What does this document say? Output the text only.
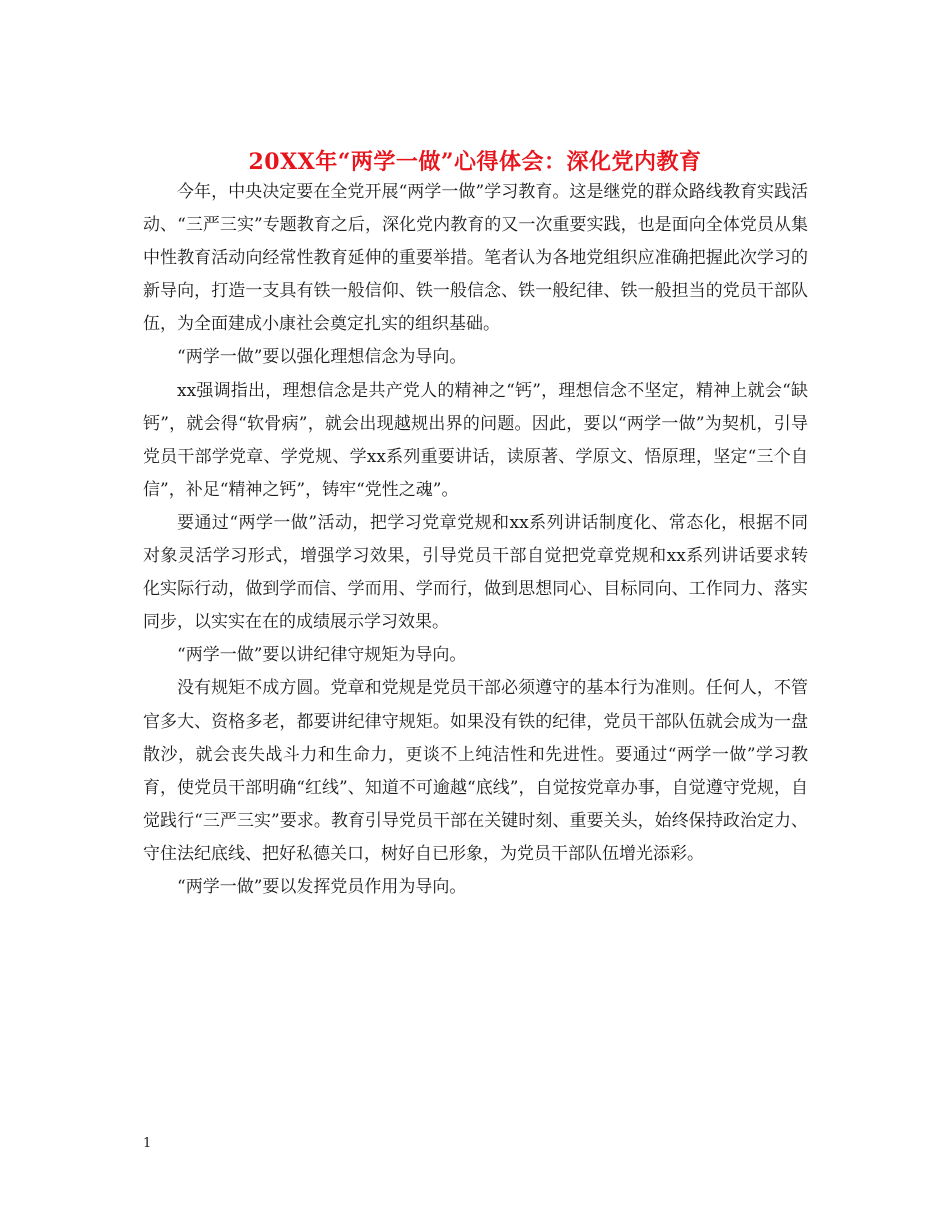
20XX年“两学一做”心得体会：深化党内教育

今年，中央决定要在全党开展“两学一做”学习教育。这是继党的群众路线教育实践活动、“三严三实”专题教育之后，深化党内教育的又一次重要实践，也是面向全体党员从集中性教育活动向经常性教育延伸的重要举措。笔者认为各地党组织应准确把握此次学习的新导向，打造一支具有铁一般信仰、铁一般信念、铁一般纪律、铁一般担当的党员干部队伍，为全面建成小康社会奠定扎实的组织基础。

“两学一做”要以强化理想信念为导向。

xx强调指出，理想信念是共产党人的精神之“钙”，理想信念不坚定，精神上就会“缺钙”，就会得“软骨病”，就会出现越规出界的问题。因此，要以“两学一做”为契机，引导党员干部学党章、学党规、学xx系列重要讲话，读原著、学原文、悟原理，坚定“三个自信”，补足“精神之钙”，铸牢“党性之魂”。

要通过“两学一做”活动，把学习党章党规和xx系列讲话制度化、常态化，根据不同对象灵活学习形式，增强学习效果，引导党员干部自觉把党章党规和xx系列讲话要求转化实际行动，做到学而信、学而用、学而行，做到思想同心、目标同向、工作同力、落实同步，以实实在在的成绩展示学习效果。

“两学一做”要以讲纪律守规矩为导向。

没有规矩不成方圆。党章和党规是党员干部必须遵守的基本行为准则。任何人，不管官多大、资格多老，都要讲纪律守规矩。如果没有铁的纪律，党员干部队伍就会成为一盘散沙，就会丧失战斗力和生命力，更谈不上纯洁性和先进性。要通过“两学一做”学习教育，使党员干部明确“红线”、知道不可逾越“底线”，自觉按党章办事，自觉遵守党规，自觉践行“三严三实”要求。教育引导党员干部在关键时刻、重要关头，始终保持政治定力、守住法纪底线、把好私德关口，树好自已形象，为党员干部队伍增光添彩。

“两学一做”要以发挥党员作用为导向。

1
